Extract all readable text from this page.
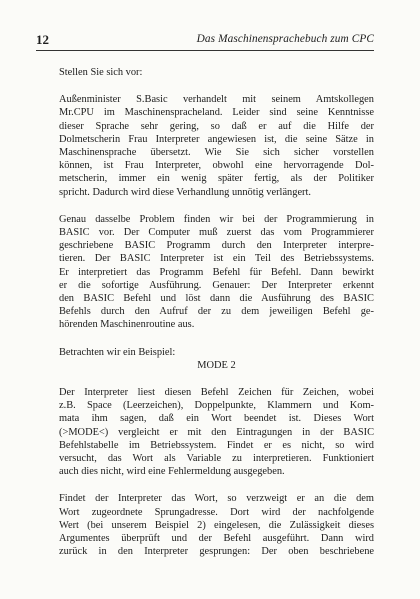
12	Das Maschinensprachebuch zum CPC

Stellen Sie sich vor:

Außenminister S.Basic verhandelt mit seinem Amtskollegen
Mr.CPU im Maschinenspracheland. Leider sind seine Kenntnisse
dieser Sprache sehr gering, so daß er auf die Hilfe der
Dolmetscherin Frau Interpreter angewiesen ist, die seine Sätze in
Maschinensprache übersetzt. Wie Sie sich sicher vorstellen
können, ist Frau Interpreter, obwohl eine hervorragende Dol-
metscherin, immer ein wenig später fertig, als der Politiker
spricht. Dadurch wird diese Verhandlung unnötig verlängert.

Genau dasselbe Problem finden wir bei der Programmierung in
BASIC vor. Der Computer muß zuerst das vom Programmierer
geschriebene BASIC Programm durch den Interpreter interpre-
tieren. Der BASIC Interpreter ist ein Teil des Betriebssystems.
Er interpretiert das Programm Befehl für Befehl. Dann bewirkt
er die sofortige Ausführung. Genauer: Der Interpreter erkennt
den BASIC Befehl und löst dann die Ausführung des BASIC
Befehls durch den Aufruf der zu dem jeweiligen Befehl ge-
hörenden Maschinenroutine aus.

Betrachten wir ein Beispiel:
MODE 2

Der Interpreter liest diesen Befehl Zeichen für Zeichen, wobei
z.B. Space (Leerzeichen), Doppelpunkte, Klammern und Kom-
mata ihm sagen, daß ein Wort beendet ist. Dieses Wort
(>MODE<) vergleicht er mit den Eintragungen in der BASIC
Befehlstabelle im Betriebssystem. Findet er es nicht, so wird
versucht, das Wort als Variable zu interpretieren. Funktioniert
auch dies nicht, wird eine Fehlermeldung ausgegeben.

Findet der Interpreter das Wort, so verzweigt er an die dem
Wort zugeordnete Sprungadresse. Dort wird der nachfolgende
Wert (bei unserem Beispiel 2) eingelesen, die Zulässigkeit dieses
Argumentes überprüft und der Befehl ausgeführt. Dann wird
zurück in den Interpreter gesprungen: Der oben beschriebene
